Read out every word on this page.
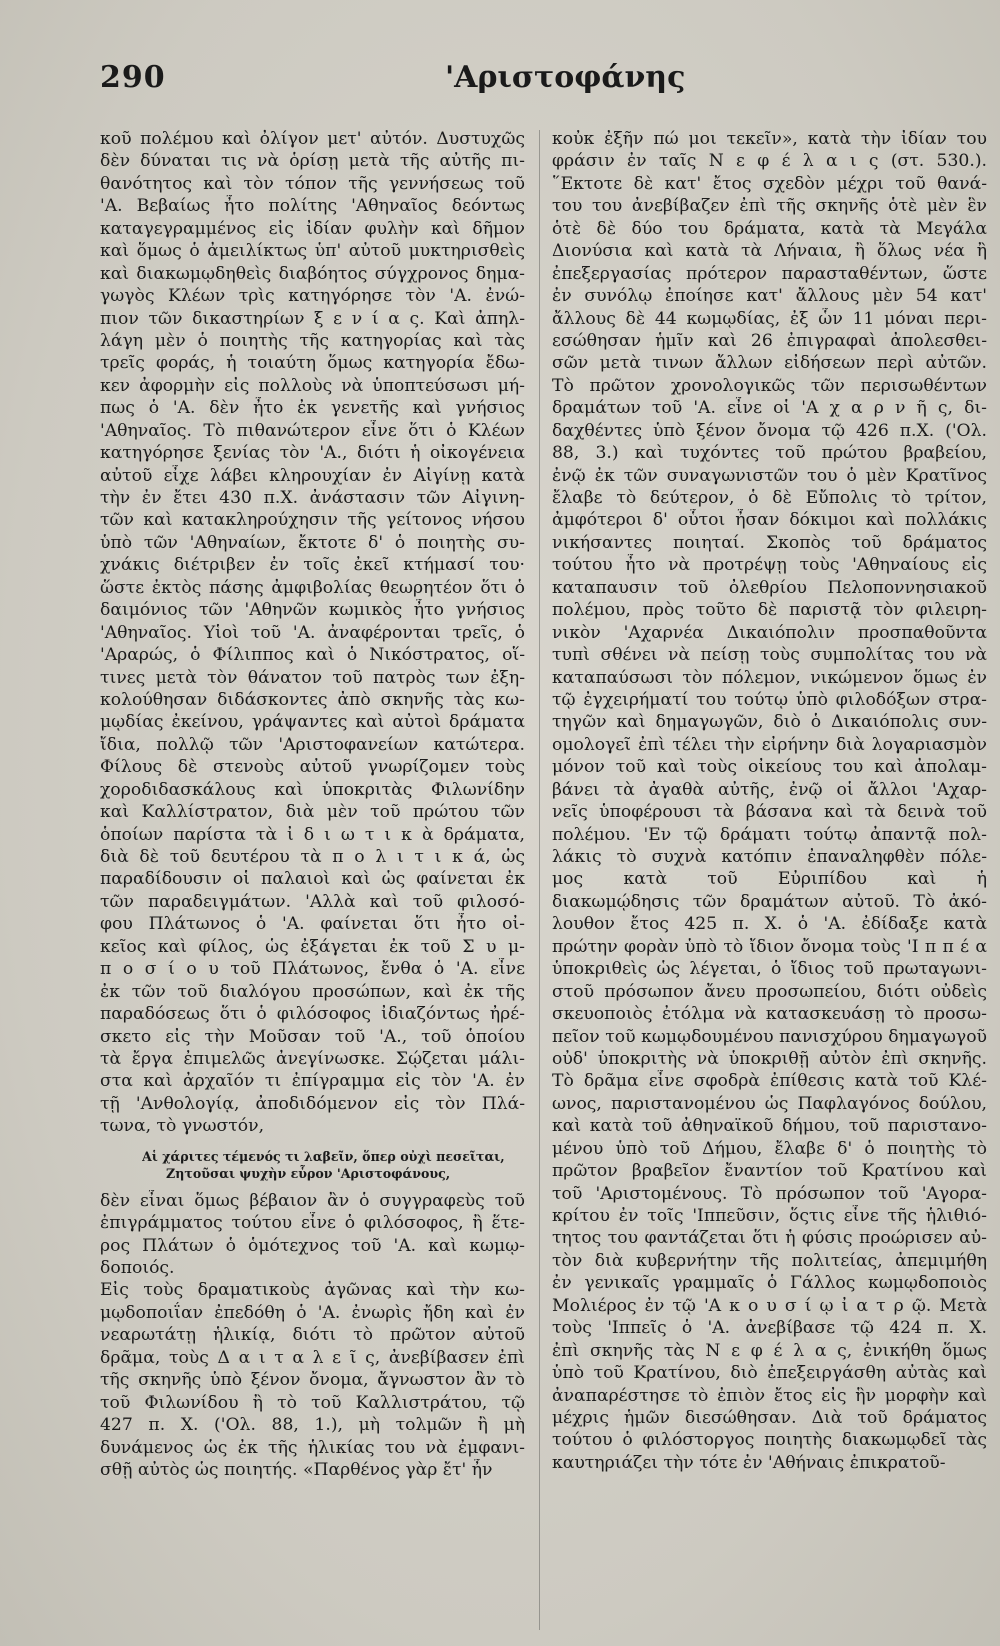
290	'Αριστοφάνης
κοῦ πολέμου καὶ ὀλίγον μετ' αὐτόν. Δυστυχῶς
δὲν δύναται τις νὰ ὁρίσῃ μετὰ τῆς αὐτῆς πι-
θανότητος καὶ τὸν τόπον τῆς γεννήσεως τοῦ
'Α. Βεβαίως ἦτο πολίτης 'Αθηναῖος δεόντως
καταγεγραμμένος εἰς ἰδίαν φυλὴν καὶ δῆμον
καὶ ὅμως ὁ ἀμειλίκτως ὑπ' αὐτοῦ μυκτηρισθεὶς
καὶ διακωμῳδηθεὶς διαβόητος σύγχρονος δημα-
γωγὸς Κλέων τρὶς κατηγόρησε τὸν 'Α. ἐνώ-
πιον τῶν δικαστηρίων ξ ε ν ί α ς. Καὶ ἀπηλ-
λάγη μὲν ὁ ποιητὴς τῆς κατηγορίας καὶ τὰς
τρεῖς φοράς, ἡ τοιαύτη ὅμως κατηγορία ἔδω-
κεν ἀφορμὴν εἰς πολλοὺς νὰ ὑποπτεύσωσι μή-
πως ὁ 'Α. δὲν ἦτο ἐκ γενετῆς καὶ γνήσιος
'Αθηναῖος. Τὸ πιθανώτερον εἶνε ὅτι ὁ Κλέων
κατηγόρησε ξενίας τὸν 'Α., διότι ἡ οἰκογένεια
αὐτοῦ εἶχε λάβει κληρουχίαν ἐν Αἰγίνῃ κατὰ
τὴν ἐν ἔτει 430 π.Χ. ἀνάστασιν τῶν Αἰγινη-
τῶν καὶ κατακληρούχησιν τῆς γείτονος νήσου
ὑπὸ τῶν 'Αθηναίων, ἔκτοτε δ' ὁ ποιητὴς συ-
χνάκις διέτριβεν ἐν τοῖς ἐκεῖ κτήμασί του·
ὥστε ἐκτὸς πάσης ἀμφιβολίας θεωρητέον ὅτι ὁ
δαιμόνιος τῶν 'Αθηνῶν κωμικὸς ἦτο γνήσιος
'Αθηναῖος. Υἱοὶ τοῦ 'Α. ἀναφέρονται τρεῖς, ὁ
'Αραρώς, ὁ Φίλιππος καὶ ὁ Νικόστρατος, οἵ-
τινες μετὰ τὸν θάνατον τοῦ πατρὸς των ἐξη-
κολούθησαν διδάσκοντες ἀπὸ σκηνῆς τὰς κω-
μῳδίας ἐκείνου, γράψαντες καὶ αὐτοὶ δράματα
ἴδια, πολλῷ τῶν 'Αριστοφανείων κατώτερα.
Φίλους δὲ στενοὺς αὐτοῦ γνωρίζομεν τοὺς
χοροδιδασκάλους καὶ ὑποκριτὰς Φιλωνίδην
καὶ Καλλίστρατον, διὰ μὲν τοῦ πρώτου τῶν
ὁποίων παρίστα τὰ ἰ δ ι ω τ ι κ ὰ δράματα,
διὰ δὲ τοῦ δευτέρου τὰ π ο λ ι τ ι κ ά, ὡς
παραδίδουσιν οἱ παλαιοὶ καὶ ὡς φαίνεται ἐκ
τῶν παραδειγμάτων. 'Αλλὰ καὶ τοῦ φιλοσό-
φου Πλάτωνος ὁ 'Α. φαίνεται ὅτι ἦτο οἰ-
κεῖος καὶ φίλος, ὡς ἐξάγεται ἐκ τοῦ Σ υ μ-
π ο σ ί ο υ τοῦ Πλάτωνος, ἔνθα ὁ 'Α. εἶνε
ἐκ τῶν τοῦ διαλόγου προσώπων, καὶ ἐκ τῆς
παραδόσεως ὅτι ὁ φιλόσοφος ἰδιαζόντως ἠρέ-
σκετο εἰς τὴν Μοῦσαν τοῦ 'Α., τοῦ ὁποίου
τὰ ἔργα ἐπιμελῶς ἀνεγίνωσκε. Σῴζεται μάλι-
στα καὶ ἀρχαῖόν τι ἐπίγραμμα εἰς τὸν 'Α. ἐν
τῇ 'Ανθολογίᾳ, ἀποδιδόμενον εἰς τὸν Πλά-
τωνα, τὸ γνωστόν,
Αἱ χάριτες τέμενός τι λαβεῖν, ὅπερ οὐχὶ πεσεῖται,
Ζητοῦσαι ψυχὴν εὗρον 'Αριστοφάνους,
δὲν εἶναι ὅμως βέβαιον ἂν ὁ συγγραφεὺς τοῦ
ἐπιγράμματος τούτου εἶνε ὁ φιλόσοφος, ἢ ἕτε-
ρος Πλάτων ὁ ὁμότεχνος τοῦ 'Α. καὶ κωμῳ-
δοποιός.
Εἰς τοὺς δραματικοὺς ἀγῶνας καὶ τὴν κω-
μῳδοποιΐαν ἐπεδόθη ὁ 'Α. ἐνωρὶς ἤδη καὶ ἐν
νεαρωτάτῃ ἡλικίᾳ, διότι τὸ πρῶτον αὐτοῦ
δρᾶμα, τοὺς Δ α ι τ α λ ε ῖ ς, ἀνεβίβασεν ἐπὶ
τῆς σκηνῆς ὑπὸ ξένον ὄνομα, ἄγνωστον ἂν τὸ
τοῦ Φιλωνίδου ἢ τὸ τοῦ Καλλιστράτου, τῷ
427 π. Χ. ('Ολ. 88, 1.), μὴ τολμῶν ἢ μὴ
δυνάμενος ὡς ἐκ τῆς ἡλικίας του νὰ ἐμφανι-
σθῇ αὐτὸς ὡς ποιητής. «Παρθένος γὰρ ἔτ' ἦν
κοὐκ ἐξῆν πώ μοι τεκεῖν», κατὰ τὴν ἰδίαν του
φράσιν ἐν ταῖς Ν ε φ έ λ α ι ς (στ. 530.).
῞Εκτοτε δὲ κατ' ἔτος σχεδὸν μέχρι τοῦ θανά-
του του ἀνεβίβαζεν ἐπὶ τῆς σκηνῆς ὁτὲ μὲν ἓν
ὁτὲ δὲ δύο του δράματα, κατὰ τὰ Μεγάλα
Διονύσια καὶ κατὰ τὰ Λήναια, ἢ ὅλως νέα ἢ
ἐπεξεργασίας πρότερον παρασταθέντων, ὥστε
ἐν συνόλῳ ἐποίησε κατ' ἄλλους μὲν 54 κατ'
ἄλλους δὲ 44 κωμῳδίας, ἐξ ὧν 11 μόναι περι-
εσώθησαν ἡμῖν καὶ 26 ἐπιγραφαὶ ἀπολεσθει-
σῶν μετὰ τινων ἄλλων εἰδήσεων περὶ αὐτῶν.
Τὸ πρῶτον χρονολογικῶς τῶν περισωθέντων
δραμάτων τοῦ 'Α. εἶνε οἱ 'Α χ α ρ ν ῆ ς, δι-
δαχθέντες ὑπὸ ξένον ὄνομα τῷ 426 π.Χ. ('Ολ.
88, 3.) καὶ τυχόντες τοῦ πρώτου βραβείου,
ἐνῷ ἐκ τῶν συναγωνιστῶν του ὁ μὲν Κρατῖνος
ἔλαβε τὸ δεύτερον, ὁ δὲ Εὔπολις τὸ τρίτον,
ἀμφότεροι δ' οὗτοι ἦσαν δόκιμοι καὶ πολλάκις
νικήσαντες ποιηταί. Σκοπὸς τοῦ δράματος
τούτου ἦτο νὰ προτρέψῃ τοὺς 'Αθηναίους εἰς
καταπαυσιν τοῦ ὀλεθρίου Πελοποννησιακοῦ
πολέμου, πρὸς τοῦτο δὲ παριστᾷ τὸν φιλειρη-
νικὸν 'Αχαρνέα Δικαιόπολιν προσπαθοῦντα
τυπὶ σθένει νὰ πείσῃ τοὺς συμπολίτας του νὰ
καταπαύσωσι τὸν πόλεμον, νικώμενον ὅμως ἐν
τῷ ἐγχειρήματί του τούτῳ ὑπὸ φιλοδόξων στρα-
τηγῶν καὶ δημαγωγῶν, διὸ ὁ Δικαιόπολις συν-
ομολογεῖ ἐπὶ τέλει τὴν εἰρήνην διὰ λογαριασμὸν
μόνον τοῦ καὶ τοὺς οἰκείους του καὶ ἀπολαμ-
βάνει τὰ ἀγαθὰ αὐτῆς, ἐνῷ οἱ ἄλλοι 'Αχαρ-
νεῖς ὑποφέρουσι τὰ βάσανα καὶ τὰ δεινὰ τοῦ
πολέμου. 'Εν τῷ δράματι τούτῳ ἀπαντᾷ πολ-
λάκις τὸ συχνὰ κατόπιν ἐπαναληφθὲν πόλε-
μος κατὰ τοῦ Εὐριπίδου καὶ ἡ
διακωμῴδησις τῶν δραμάτων αὐτοῦ. Τὸ ἀκό-
λουθον ἔτος 425 π. Χ. ὁ 'Α. ἐδίδαξε κατὰ
πρώτην φορὰν ὑπὸ τὸ ἴδιον ὄνομα τοὺς 'Ι π π έ α
ὑποκριθεὶς ὡς λέγεται, ὁ ἴδιος τοῦ πρωταγωνι-
στοῦ πρόσωπον ἄνευ προσωπείου, διότι οὐδεὶς
σκευοποιὸς ἐτόλμα νὰ κατασκευάσῃ τὸ προσω-
πεῖον τοῦ κωμῳδουμένου πανισχύρου δημαγωγοῦ
οὐδ' ὑποκριτὴς νὰ ὑποκριθῇ αὐτὸν ἐπὶ σκηνῆς.
Τὸ δρᾶμα εἶνε σφοδρὰ ἐπίθεσις κατὰ τοῦ Κλέ-
ωνος, παριστανομένου ὡς Παφλαγόνος δούλου,
καὶ κατὰ τοῦ ἀθηναϊκοῦ δήμου, τοῦ παριστανο-
μένου ὑπὸ τοῦ Δήμου, ἔλαβε δ' ὁ ποιητὴς τὸ
πρῶτον βραβεῖον ἔναντίον τοῦ Κρατίνου καὶ
τοῦ 'Αριστομένους. Τὸ πρόσωπον τοῦ 'Αγορα-
κρίτου ἐν τοῖς 'Ιππεῦσιν, ὅςτις εἶνε τῆς ἡλιθιό-
τητος του φαντάζεται ὅτι ἡ φύσις προώρισεν αὐ-
τὸν διὰ κυβερνήτην τῆς πολιτείας, ἀπεμιμήθη
ἐν γενικαῖς γραμμαῖς ὁ Γάλλος κωμῳδοποιὸς
Μολιέρος ἐν τῷ 'Α κ ο υ σ ί ῳ ἰ α τ ρ ῷ. Μετὰ
τοὺς 'Ιππεῖς ὁ 'Α. ἀνεβίβασε τῷ 424 π. Χ.
ἐπὶ σκηνῆς τὰς Ν ε φ έ λ α ς, ἐνικήθη ὅμως
ὑπὸ τοῦ Κρατίνου, διὸ ἐπεξειργάσθη αὐτὰς καὶ
ἀναπαρέστησε τὸ ἐπιὸν ἔτος εἰς ἣν μορφὴν καὶ
μέχρις ἡμῶν διεσώθησαν. Διὰ τοῦ δράματος
τούτου ὁ φιλόστοργος ποιητὴς διακωμῳδεῖ τὰς
καυτηριάζει τὴν τότε ἐν 'Αθήναις ἐπικρατοῦ-
